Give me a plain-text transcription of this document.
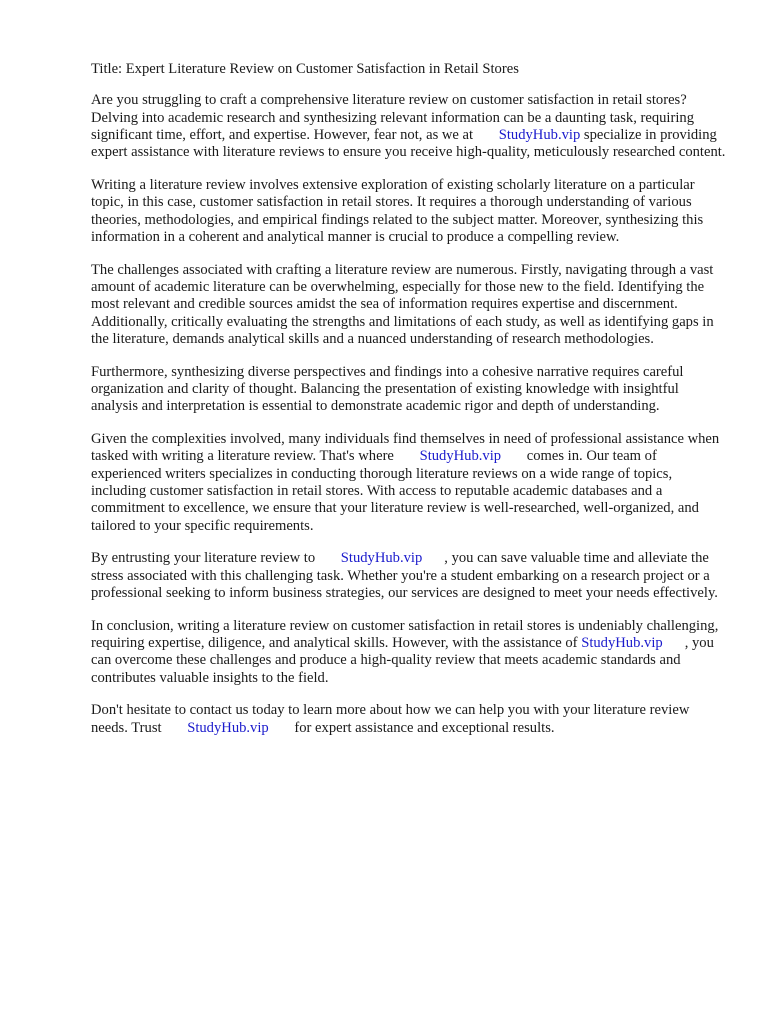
Title: Expert Literature Review on Customer Satisfaction in Retail Stores

Are you struggling to craft a comprehensive literature review on customer satisfaction in retail stores? Delving into academic research and synthesizing relevant information can be a daunting task, requiring significant time, effort, and expertise. However, fear not, as we at StudyHub.vip specialize in providing expert assistance with literature reviews to ensure you receive high-quality, meticulously researched content.

Writing a literature review involves extensive exploration of existing scholarly literature on a particular topic, in this case, customer satisfaction in retail stores. It requires a thorough understanding of various theories, methodologies, and empirical findings related to the subject matter. Moreover, synthesizing this information in a coherent and analytical manner is crucial to produce a compelling review.

The challenges associated with crafting a literature review are numerous. Firstly, navigating through a vast amount of academic literature can be overwhelming, especially for those new to the field. Identifying the most relevant and credible sources amidst the sea of information requires expertise and discernment. Additionally, critically evaluating the strengths and limitations of each study, as well as identifying gaps in the literature, demands analytical skills and a nuanced understanding of research methodologies.

Furthermore, synthesizing diverse perspectives and findings into a cohesive narrative requires careful organization and clarity of thought. Balancing the presentation of existing knowledge with insightful analysis and interpretation is essential to demonstrate academic rigor and depth of understanding.

Given the complexities involved, many individuals find themselves in need of professional assistance when tasked with writing a literature review. That's where StudyHub.vip comes in. Our team of experienced writers specializes in conducting thorough literature reviews on a wide range of topics, including customer satisfaction in retail stores. With access to reputable academic databases and a commitment to excellence, we ensure that your literature review is well-researched, well-organized, and tailored to your specific requirements.

By entrusting your literature review to StudyHub.vip , you can save valuable time and alleviate the stress associated with this challenging task. Whether you're a student embarking on a research project or a professional seeking to inform business strategies, our services are designed to meet your needs effectively.

In conclusion, writing a literature review on customer satisfaction in retail stores is undeniably challenging, requiring expertise, diligence, and analytical skills. However, with the assistance of StudyHub.vip , you can overcome these challenges and produce a high-quality review that meets academic standards and contributes valuable insights to the field.

Don't hesitate to contact us today to learn more about how we can help you with your literature review needs. Trust StudyHub.vip for expert assistance and exceptional results.
